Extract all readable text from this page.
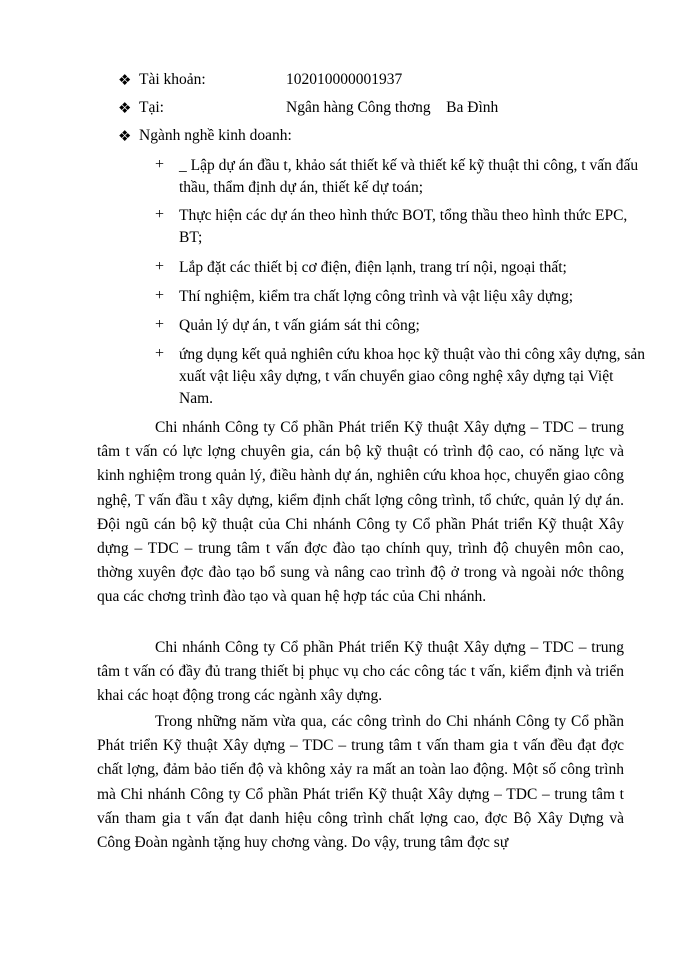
❖ Tài khoản:	102010000001937
❖ Tại:	Ngân hàng Công thơng    Ba Đình
❖ Ngành nghề kinh doanh:
+ _ Lập dự án đầu t, khảo sát thiết kế và thiết kế kỹ thuật thi công, t vấn đấu thầu, thẩm định dự án, thiết kế dự toán;
+ Thực hiện các dự án theo hình thức BOT, tổng thầu theo hình thức EPC, BT;
+ Lắp đặt các thiết bị cơ điện, điện lạnh, trang trí nội, ngoại thất;
+ Thí nghiệm, kiểm tra chất lợng công trình và vật liệu xây dựng;
+ Quản lý dự án, t vấn giám sát thi công;
+ ứng dụng kết quả nghiên cứu khoa học kỹ thuật vào thi công xây dựng, sản xuất vật liệu xây dựng, t vấn chuyển giao công nghệ xây dựng tại Việt Nam.
Chi nhánh Công ty Cổ phần Phát triển Kỹ thuật Xây dựng – TDC – trung tâm t vấn có lực lợng chuyên gia, cán bộ kỹ thuật có trình độ cao, có năng lực và kinh nghiệm trong quản lý, điều hành dự án, nghiên cứu khoa học, chuyển giao công nghệ, T vấn đầu t xây dựng, kiểm định chất lợng công trình, tổ chức, quản lý dự án. Đội ngũ cán bộ kỹ thuật của Chi nhánh Công ty Cổ phần Phát triển Kỹ thuật Xây dựng – TDC – trung tâm t vấn đợc đào tạo chính quy, trình độ chuyên môn cao, thờng xuyên đợc đào tạo bổ sung và nâng cao trình độ ở trong và ngoài nớc thông qua các chơng trình đào tạo và quan hệ hợp tác của Chi nhánh.
Chi nhánh Công ty Cổ phần Phát triển Kỹ thuật Xây dựng – TDC – trung tâm t vấn có đầy đủ trang thiết bị phục vụ cho các công tác t vấn, kiểm định và triển khai các hoạt động trong các ngành xây dựng.
Trong những năm vừa qua, các công trình do Chi nhánh Công ty Cổ phần Phát triển Kỹ thuật Xây dựng – TDC – trung tâm t vấn tham gia t vấn đều đạt đợc chất lợng, đảm bảo tiến độ và không xảy ra mất an toàn lao động. Một số công trình mà Chi nhánh Công ty Cổ phần Phát triển Kỹ thuật Xây dựng – TDC – trung tâm t vấn tham gia t vấn đạt danh hiệu công trình chất lợng cao, đợc Bộ Xây Dựng và Công Đoàn ngành tặng huy chơng vàng. Do vậy, trung tâm đợc sự
